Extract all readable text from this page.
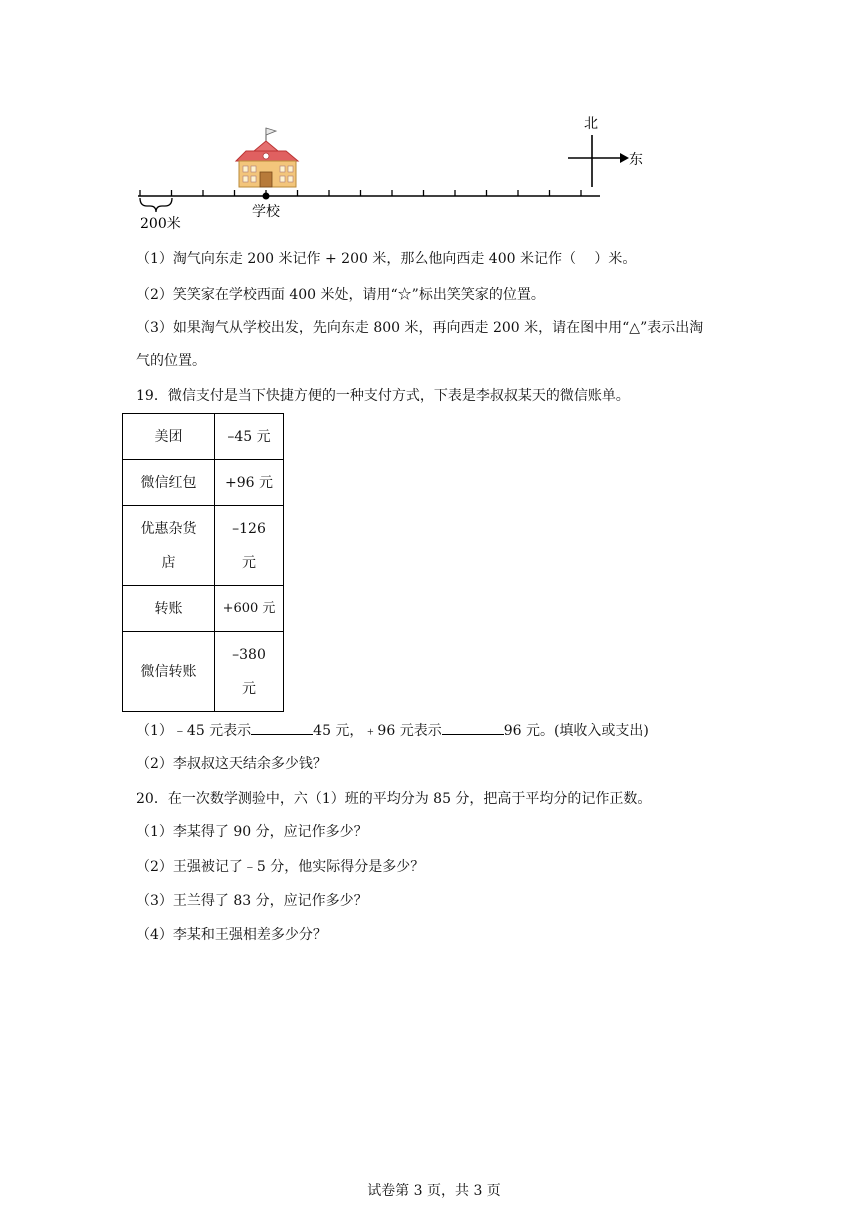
北
东
200米
学校
（1）淘气向东走 200 米记作 + 200 米，那么他向西走 400 米记作（　 ）米。
（2）笑笑家在学校西面 400 米处，请用“☆”标出笑笑家的位置。
（3）如果淘气从学校出发，先向东走 800 米，再向西走 200 米，请在图中用“△”表示出淘
气的位置。
19．微信支付是当下快捷方便的一种支付方式，下表是李叔叔某天的微信账单。
美团	–45 元
微信红包	+96 元
优惠杂货
店	–126
元
转账	+600 元
微信转账	–380
元
（1）﹣45 元表示	45 元，﹢96 元表示	96 元。(填收入或支出)
（2）李叔叔这天结余多少钱？
20．在一次数学测验中，六（1）班的平均分为 85 分，把高于平均分的记作正数。
（1）李某得了 90 分，应记作多少？
（2）王强被记了﹣5 分，他实际得分是多少？
（3）王兰得了 83 分，应记作多少？
（4）李某和王强相差多少分？
试卷第 3 页，共 3 页
